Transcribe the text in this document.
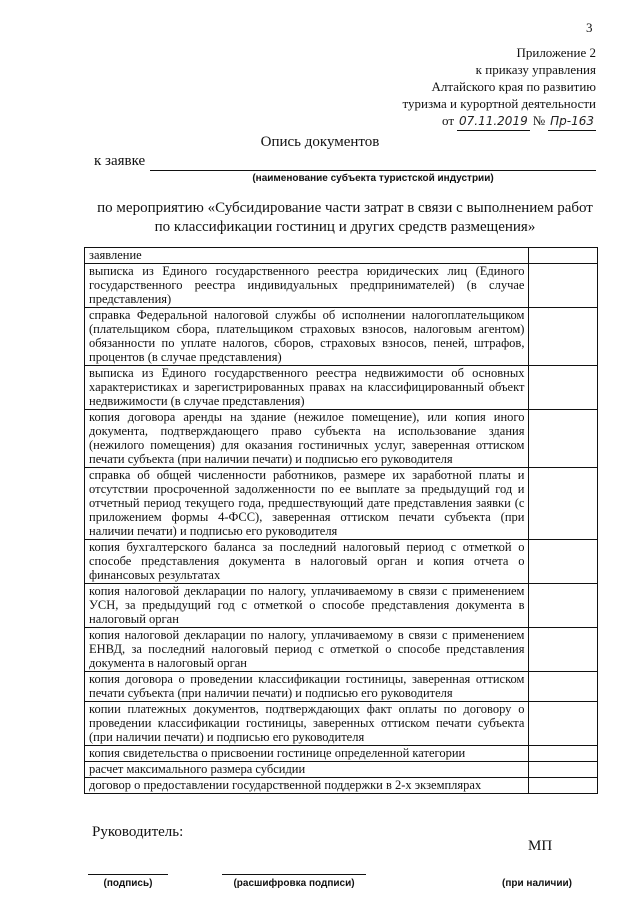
3
Приложение 2
к приказу управления
Алтайского края по развитию
туризма и курортной деятельности
от 07.11.2019 № Пр-163
Опись документов
к заявке
(наименование субъекта туристской индустрии)
по мероприятию «Субсидирование части затрат в связи с выполнением работ
по классификации гостиниц и других средств размещения»
заявление	
выписка из Единого государственного реестра юридических лиц (Единого государственного реестра индивидуальных предпринимателей) (в случае представления)	
справка Федеральной налоговой службы об исполнении налогоплательщиком (плательщиком сбора, плательщиком страховых взносов, налоговым агентом) обязанности по уплате налогов, сборов, страховых взносов, пеней, штрафов, процентов (в случае представления)	
выписка из Единого государственного реестра недвижимости об основных характеристиках и зарегистрированных правах на классифицированный объект недвижимости (в случае представления)	
копия договора аренды на здание (нежилое помещение), или копия иного документа, подтверждающего право субъекта на использование здания (нежилого помещения) для оказания гостиничных услуг, заверенная оттиском печати субъекта (при наличии печати) и подписью его руководителя	
справка об общей численности работников, размере их заработной платы и отсутствии просроченной задолженности по ее выплате за предыдущий год и отчетный период текущего года, предшествующий дате представления заявки (с приложением формы 4-ФСС), заверенная оттиском печати субъекта (при наличии печати) и подписью его руководителя	
копия бухгалтерского баланса за последний налоговый период с отметкой о способе представления документа в налоговый орган и копия отчета о финансовых результатах	
копия налоговой декларации по налогу, уплачиваемому в связи с применением УСН, за предыдущий год с отметкой о способе представления документа в налоговый орган	
копия налоговой декларации по налогу, уплачиваемому в связи с применением ЕНВД, за последний налоговый период с отметкой о способе представления документа в налоговый орган	
копия договора о проведении классификации гостиницы, заверенная оттиском печати субъекта (при наличии печати) и подписью его руководителя	
копии платежных документов, подтверждающих факт оплаты по договору о проведении классификации гостиницы, заверенных оттиском печати субъекта (при наличии печати) и подписью его руководителя	
копия свидетельства о присвоении гостинице определенной категории	
расчет максимального размера субсидии	
договор о предоставлении государственной поддержки в 2-х экземплярах	
Руководитель:
МП
(подпись)	(расшифровка подписи)	(при наличии)
